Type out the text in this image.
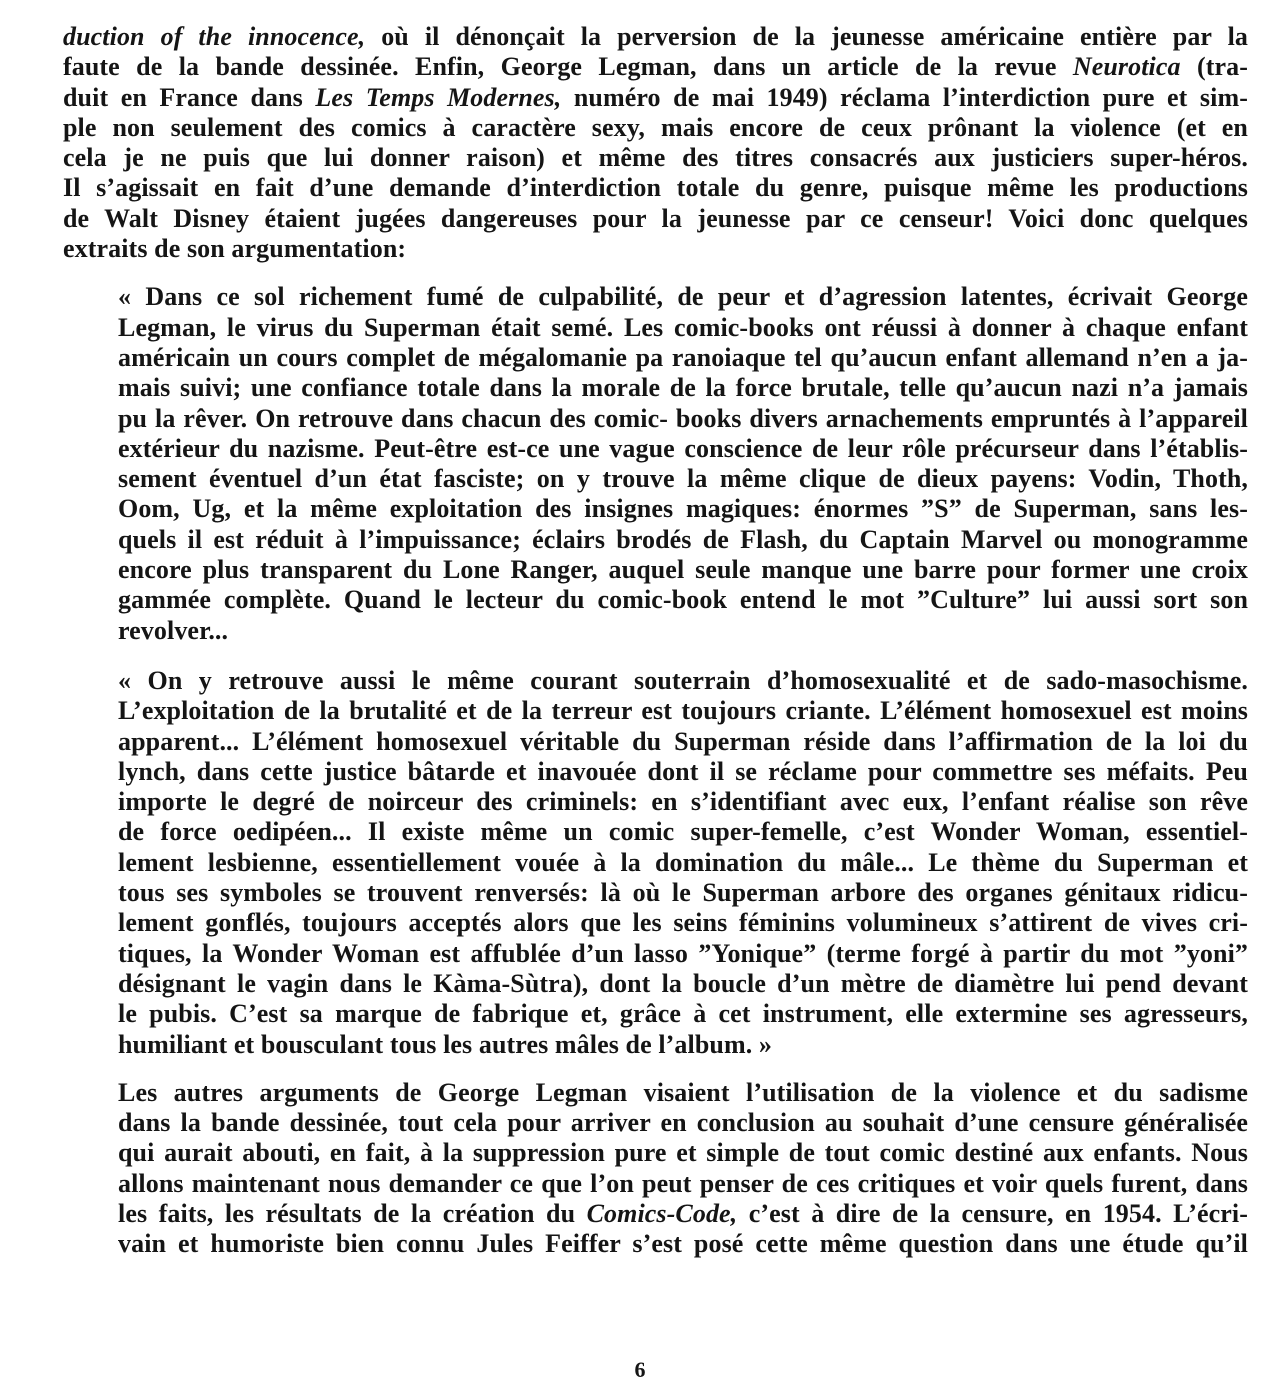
duction of the innocence, où il dénonçait la perversion de la jeunesse américaine entière par la
faute de la bande dessinée. Enfin, George Legman, dans un article de la revue Neurotica (tra-
duit en France dans Les Temps Modernes, numéro de mai 1949) réclama l’interdiction pure et sim-
ple non seulement des comics à caractère sexy, mais encore de ceux prônant la violence (et en
cela je ne puis que lui donner raison) et même des titres consacrés aux justiciers super-héros.
Il s’agissait en fait d’une demande d’interdiction totale du genre, puisque même les productions
de Walt Disney étaient jugées dangereuses pour la jeunesse par ce censeur! Voici donc quelques
extraits de son argumentation:
« Dans ce sol richement fumé de culpabilité, de peur et d’agression latentes, écrivait George
Legman, le virus du Superman était semé. Les comic-books ont réussi à donner à chaque enfant
américain un cours complet de mégalomanie pa ranoiaque tel qu’aucun enfant allemand n’en a ja-
mais suivi; une confiance totale dans la morale de la force brutale, telle qu’aucun nazi n’a jamais
pu la rêver. On retrouve dans chacun des comic- books divers arnachements empruntés à l’appareil
extérieur du nazisme. Peut-être est-ce une vague conscience de leur rôle précurseur dans l’établis-
sement éventuel d’un état fasciste; on y trouve la même clique de dieux payens: Vodin, Thoth,
Oom, Ug, et la même exploitation des insignes magiques: énormes ”S” de Superman, sans les-
quels il est réduit à l’impuissance; éclairs brodés de Flash, du Captain Marvel ou monogramme
encore plus transparent du Lone Ranger, auquel seule manque une barre pour former une croix
gammée complète. Quand le lecteur du comic-book entend le mot ”Culture” lui aussi sort son
revolver...
« On y retrouve aussi le même courant souterrain d’homosexualité et de sado-masochisme.
L’exploitation de la brutalité et de la terreur est toujours criante. L’élément homosexuel est moins
apparent... L’élément homosexuel véritable du Superman réside dans l’affirmation de la loi du
lynch, dans cette justice bâtarde et inavouée dont il se réclame pour commettre ses méfaits. Peu
importe le degré de noirceur des criminels: en s’identifiant avec eux, l’enfant réalise son rêve
de force oedipéen... Il existe même un comic super-femelle, c’est Wonder Woman, essentiel-
lement lesbienne, essentiellement vouée à la domination du mâle... Le thème du Superman et
tous ses symboles se trouvent renversés: là où le Superman arbore des organes génitaux ridicu-
lement gonflés, toujours acceptés alors que les seins féminins volumineux s’attirent de vives cri-
tiques, la Wonder Woman est affublée d’un lasso ”Yonique” (terme forgé à partir du mot ”yoni”
désignant le vagin dans le Kàma-Sùtra), dont la boucle d’un mètre de diamètre lui pend devant
le pubis. C’est sa marque de fabrique et, grâce à cet instrument, elle extermine ses agresseurs,
humiliant et bousculant tous les autres mâles de l’album. »
Les autres arguments de George Legman visaient l’utilisation de la violence et du sadisme
dans la bande dessinée, tout cela pour arriver en conclusion au souhait d’une censure généralisée
qui aurait abouti, en fait, à la suppression pure et simple de tout comic destiné aux enfants. Nous
allons maintenant nous demander ce que l’on peut penser de ces critiques et voir quels furent, dans
les faits, les résultats de la création du Comics-Code, c’est à dire de la censure, en 1954. L’écri-
vain et humoriste bien connu Jules Feiffer s’est posé cette même question dans une étude qu’il
6
